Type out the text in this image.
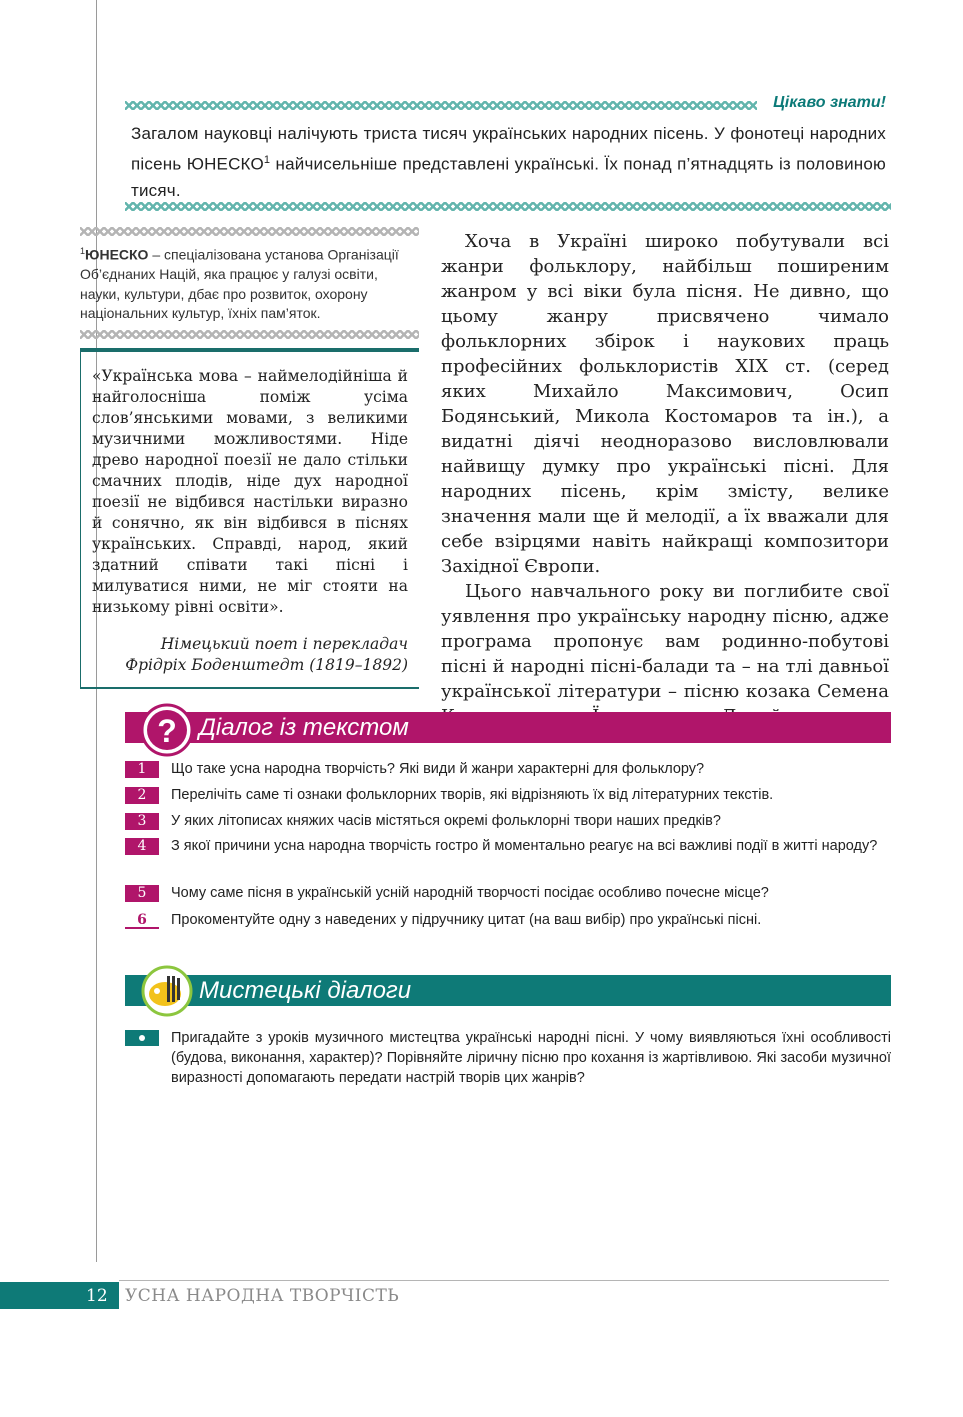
Цікаво знати!
Загалом науковці налічують триста тисяч українських народних пісень. У фонотеці народних пісень ЮНЕСКО$^1$ найчисельніше представлені українські. Їх понад п’ятнадцять із половиною тисяч.
$^1$ЮНЕСКО – спеціалізована установа Організації Об’єднаних Націй, яка працює у галузі освіти, науки, культури, дбає про розвиток, охорону національних культур, їхніх пам’яток.
«Українська мова – наймелодійніша й найголосніша поміж усіма слов’янськими мовами, з великими музичними можливостями. Ніде древо народної поезії не дало стільки смачних плодів, ніде дух народної поезії не відбився настільки виразно й сонячно, як він відбився в піснях українських. Справді, народ, який здатний співати такі пісні і милуватися ними, не міг стояти на низькому рівні освіти».
Німецький поет і перекладач
Фрідріх Боденштедт (1819–1892)

Хоча в Україні широко побутували всі жанри фольклору, найбільш поширеним жанром у всі віки була пісня. Не дивно, що цьому жанру присвячено чимало фольклорних збірок і наукових праць професійних фольклористів ХІХ ст. (серед яких Михайло Максимович, Осип Бодянський, Микола Костомаров та ін.), а видатні діячі неодноразово висловлювали найвищу думку про українські пісні. Для народних пісень, крім змісту, велике значення мали ще й мелодії, а їх вважали для себе взірцями навіть найкращі композитори Західної Європи.

Цього навчального року ви поглибите свої уявлення про українську народну пісню, адже програма пропонує вам родинно-побутові пісні й народні пісні-балади та – на тлі давньої української літератури – пісню козака Семена

? Діалог із текстом
1	Що таке усна народна творчість? Які види й жанри характерні для фольклору?
2	Перелічіть саме ті ознаки фольклорних творів, які відрізняють їх від літературних текстів.
3	У яких літописах княжих часів містяться окремі фольклорні твори наших предків?
4	З якої причини усна народна творчість гостро й моментально реагує на всі важливі події в житті народу?
5	Чому саме пісня в українській усній народній творчості посідає особливо почесне місце?
6	Прокоментуйте одну з наведених у підручнику цитат (на ваш вибір) про українські пісні.
Мистецькі діалоги
Пригадайте з уроків музичного мистецтва українські народні пісні. У чому виявляються їхні особливості (будова, виконання, характер)? Порівняйте ліричну пісню про кохання із жартівливою. Які засоби музичної виразності допомагають передати настрій творів цих жанрів?
12 УСНА НАРОДНА ТВОРЧІСТЬ
